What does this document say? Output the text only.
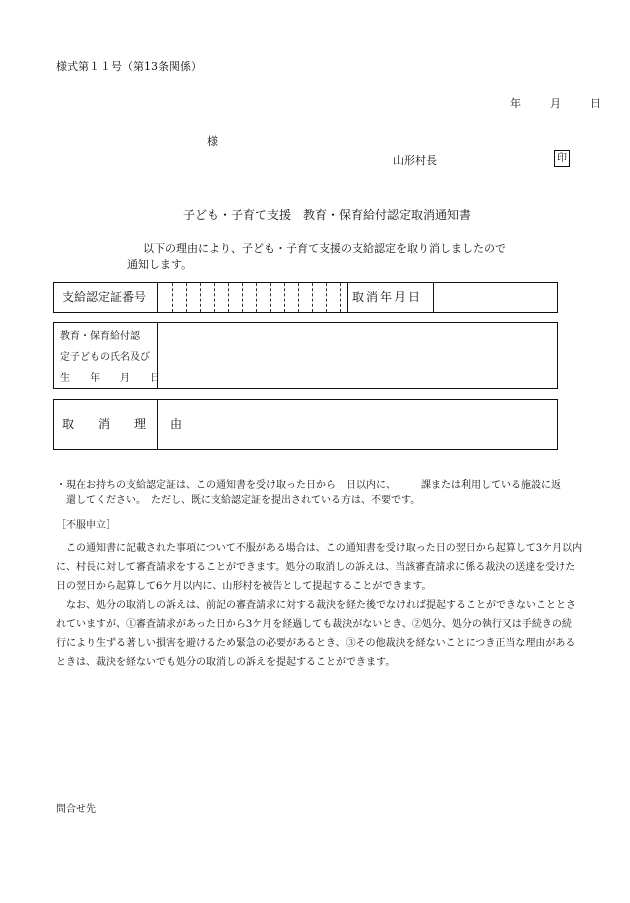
様式第１１号（第13条関係）
年	月	日
様
山形村長	印
子ども・子育て支援　教育・保育給付認定取消通知書
以下の理由により、子ども・子育て支援の支給認定を取り消しましたので
通知します。
支給認定証番号	取消年月日
教育・保育給付認
定子どもの氏名及び
生　　年　　月　　日
取　　消　　理　　由
・現在お持ちの支給認定証は、この通知書を受け取った日から　日以内に、　　　課または利用している施設に返
還してください。　ただし、既に支給認定証を提出されている方は、不要です。
［不服申立］
　この通知書に記載された事項について不服がある場合は、この通知書を受け取った日の翌日から起算して3ケ月以内
に、村長に対して審査請求をすることができます。処分の取消しの訴えは、当該審査請求に係る裁決の送達を受けた
日の翌日から起算して6ケ月以内に、山形村を被告として提起することができます。
　なお、処分の取消しの訴えは、前記の審査請求に対する裁決を経た後でなければ提起することができないこととさ
れていますが、①審査請求があった日から3ケ月を経過しても裁決がないとき、②処分、処分の執行又は手続きの続
行により生ずる著しい損害を避けるため緊急の必要があるとき、③その他裁決を経ないことにつき正当な理由がある
ときは、裁決を経ないでも処分の取消しの訴えを提起することができます。
問合せ先
